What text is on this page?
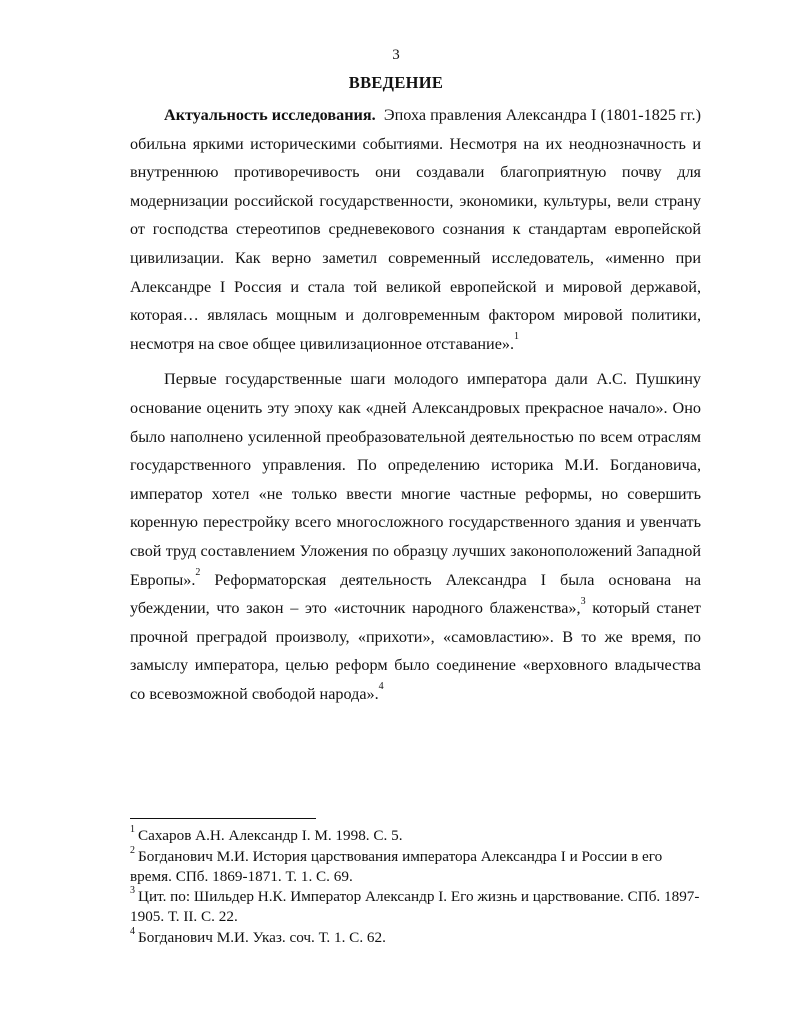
3
ВВЕДЕНИЕ

Актуальность исследования. Эпоха правления Александра I (1801-1825 гг.) обильна яркими историческими событиями. Несмотря на их неоднозначность и внутреннюю противоречивость они создавали благоприятную почву для модернизации российской государственности, экономики, культуры, вели страну от господства стереотипов средневекового сознания к стандартам европейской цивилизации. Как верно заметил современный исследователь, «именно при Александре I Россия и стала той великой европейской и мировой державой, которая… являлась мощным и долговременным фактором мировой политики, несмотря на свое общее цивилизационное отставание».$^1$

Первые государственные шаги молодого императора дали А.С. Пушкину основание оценить эту эпоху как «дней Александровых прекрасное начало». Оно было наполнено усиленной преобразовательной деятельностью по всем отраслям государственного управления. По определению историка М.И. Богдановича, император хотел «не только ввести многие частные реформы, но совершить коренную перестройку всего многосложного государственного здания и увенчать свой труд составлением Уложения по образцу лучших законоположений Западной Европы».$^2$ Реформаторская деятельность Александра I была основана на убеждении, что закон – это «источник народного блаженства»,$^3$ который станет прочной преградой произволу, «прихоти», «самовластию». В то же время, по замыслу императора, целью реформ было соединение «верховного владычества со всевозможной свободой народа».$^4$

$^1$ Сахаров А.Н. Александр I. М. 1998. С. 5.
$^2$ Богданович М.И. История царствования императора Александра I и России в его время. СПб. 1869-1871. Т. 1. С. 69.
$^3$ Цит. по: Шильдер Н.К. Император Александр I. Его жизнь и царствование. СПб. 1897-1905. Т. II. С. 22.
$^4$ Богданович М.И. Указ. соч. Т. 1. С. 62.
